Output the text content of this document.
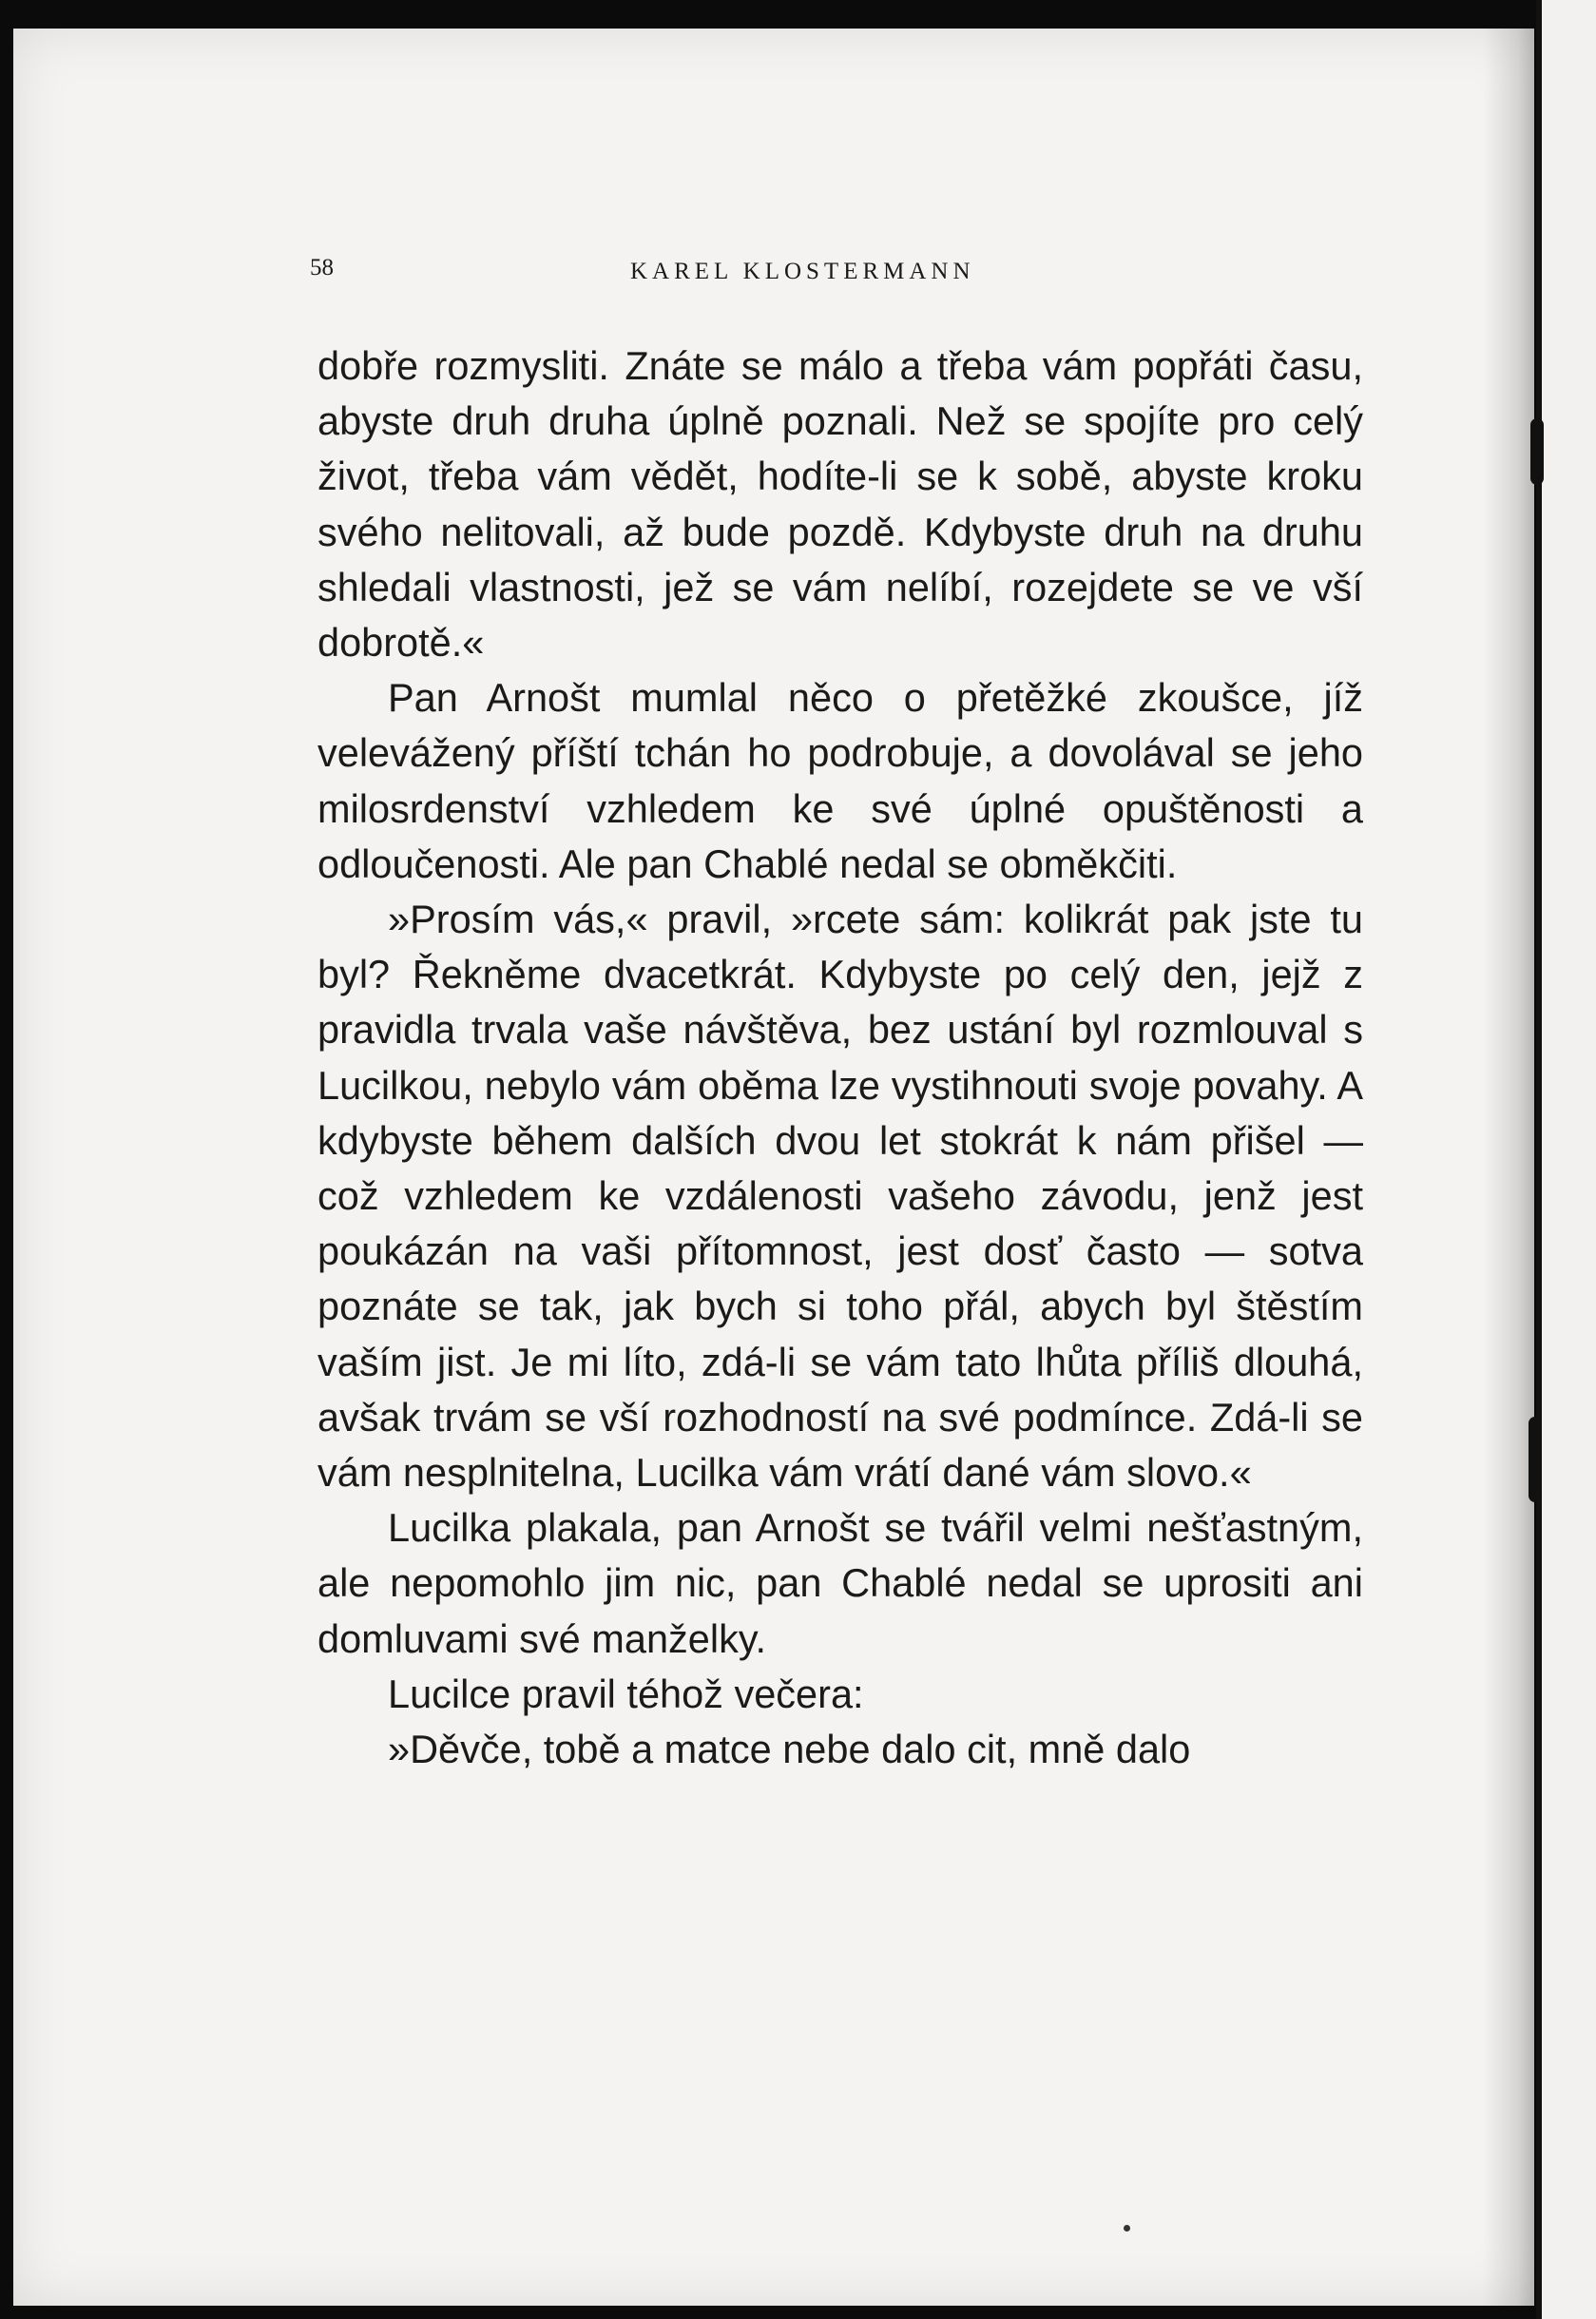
58	KAREL KLOSTERMANN

dobře rozmysliti. Znáte se málo a třeba vám popřáti času, abyste druh druha úplně poznali. Než se spojíte pro celý život, třeba vám vědět, hodíte-li se k sobě, abyste kroku svého nelitovali, až bude pozdě. Kdybyste druh na druhu shledali vlastnosti, jež se vám nelíbí, rozejdete se ve vší dobrotě.«

Pan Arnošt mumlal něco o přetěžké zkoušce, jíž velevážený příští tchán ho podrobuje, a dovolával se jeho milosrdenství vzhledem ke své úplné opuštěnosti a odloučenosti. Ale pan Chablé nedal se obměkčiti.

»Prosím vás,« pravil, »rcete sám: kolikrát pak jste tu byl? Řekněme dvacetkrát. Kdybyste po celý den, jejž z pravidla trvala vaše návštěva, bez ustání byl rozmlouval s Lucilkou, nebylo vám oběma lze vystihnouti svoje povahy. A kdybyste během dalších dvou let stokrát k nám přišel — což vzhledem ke vzdálenosti vašeho závodu, jenž jest poukázán na vaši přítomnost, jest dosť často — sotva poznáte se tak, jak bych si toho přál, abych byl štěstím vaším jist. Je mi líto, zdá-li se vám tato lhůta příliš dlouhá, avšak trvám se vší rozhodností na své podmínce. Zdá-li se vám nesplnitelna, Lucilka vám vrátí dané vám slovo.«

Lucilka plakala, pan Arnošt se tvářil velmi nešťastným, ale nepomohlo jim nic, pan Chablé nedal se uprositi ani domluvami své manželky.

Lucilce pravil téhož večera:

»Děvče, tobě a matce nebe dalo cit, mně dalo
